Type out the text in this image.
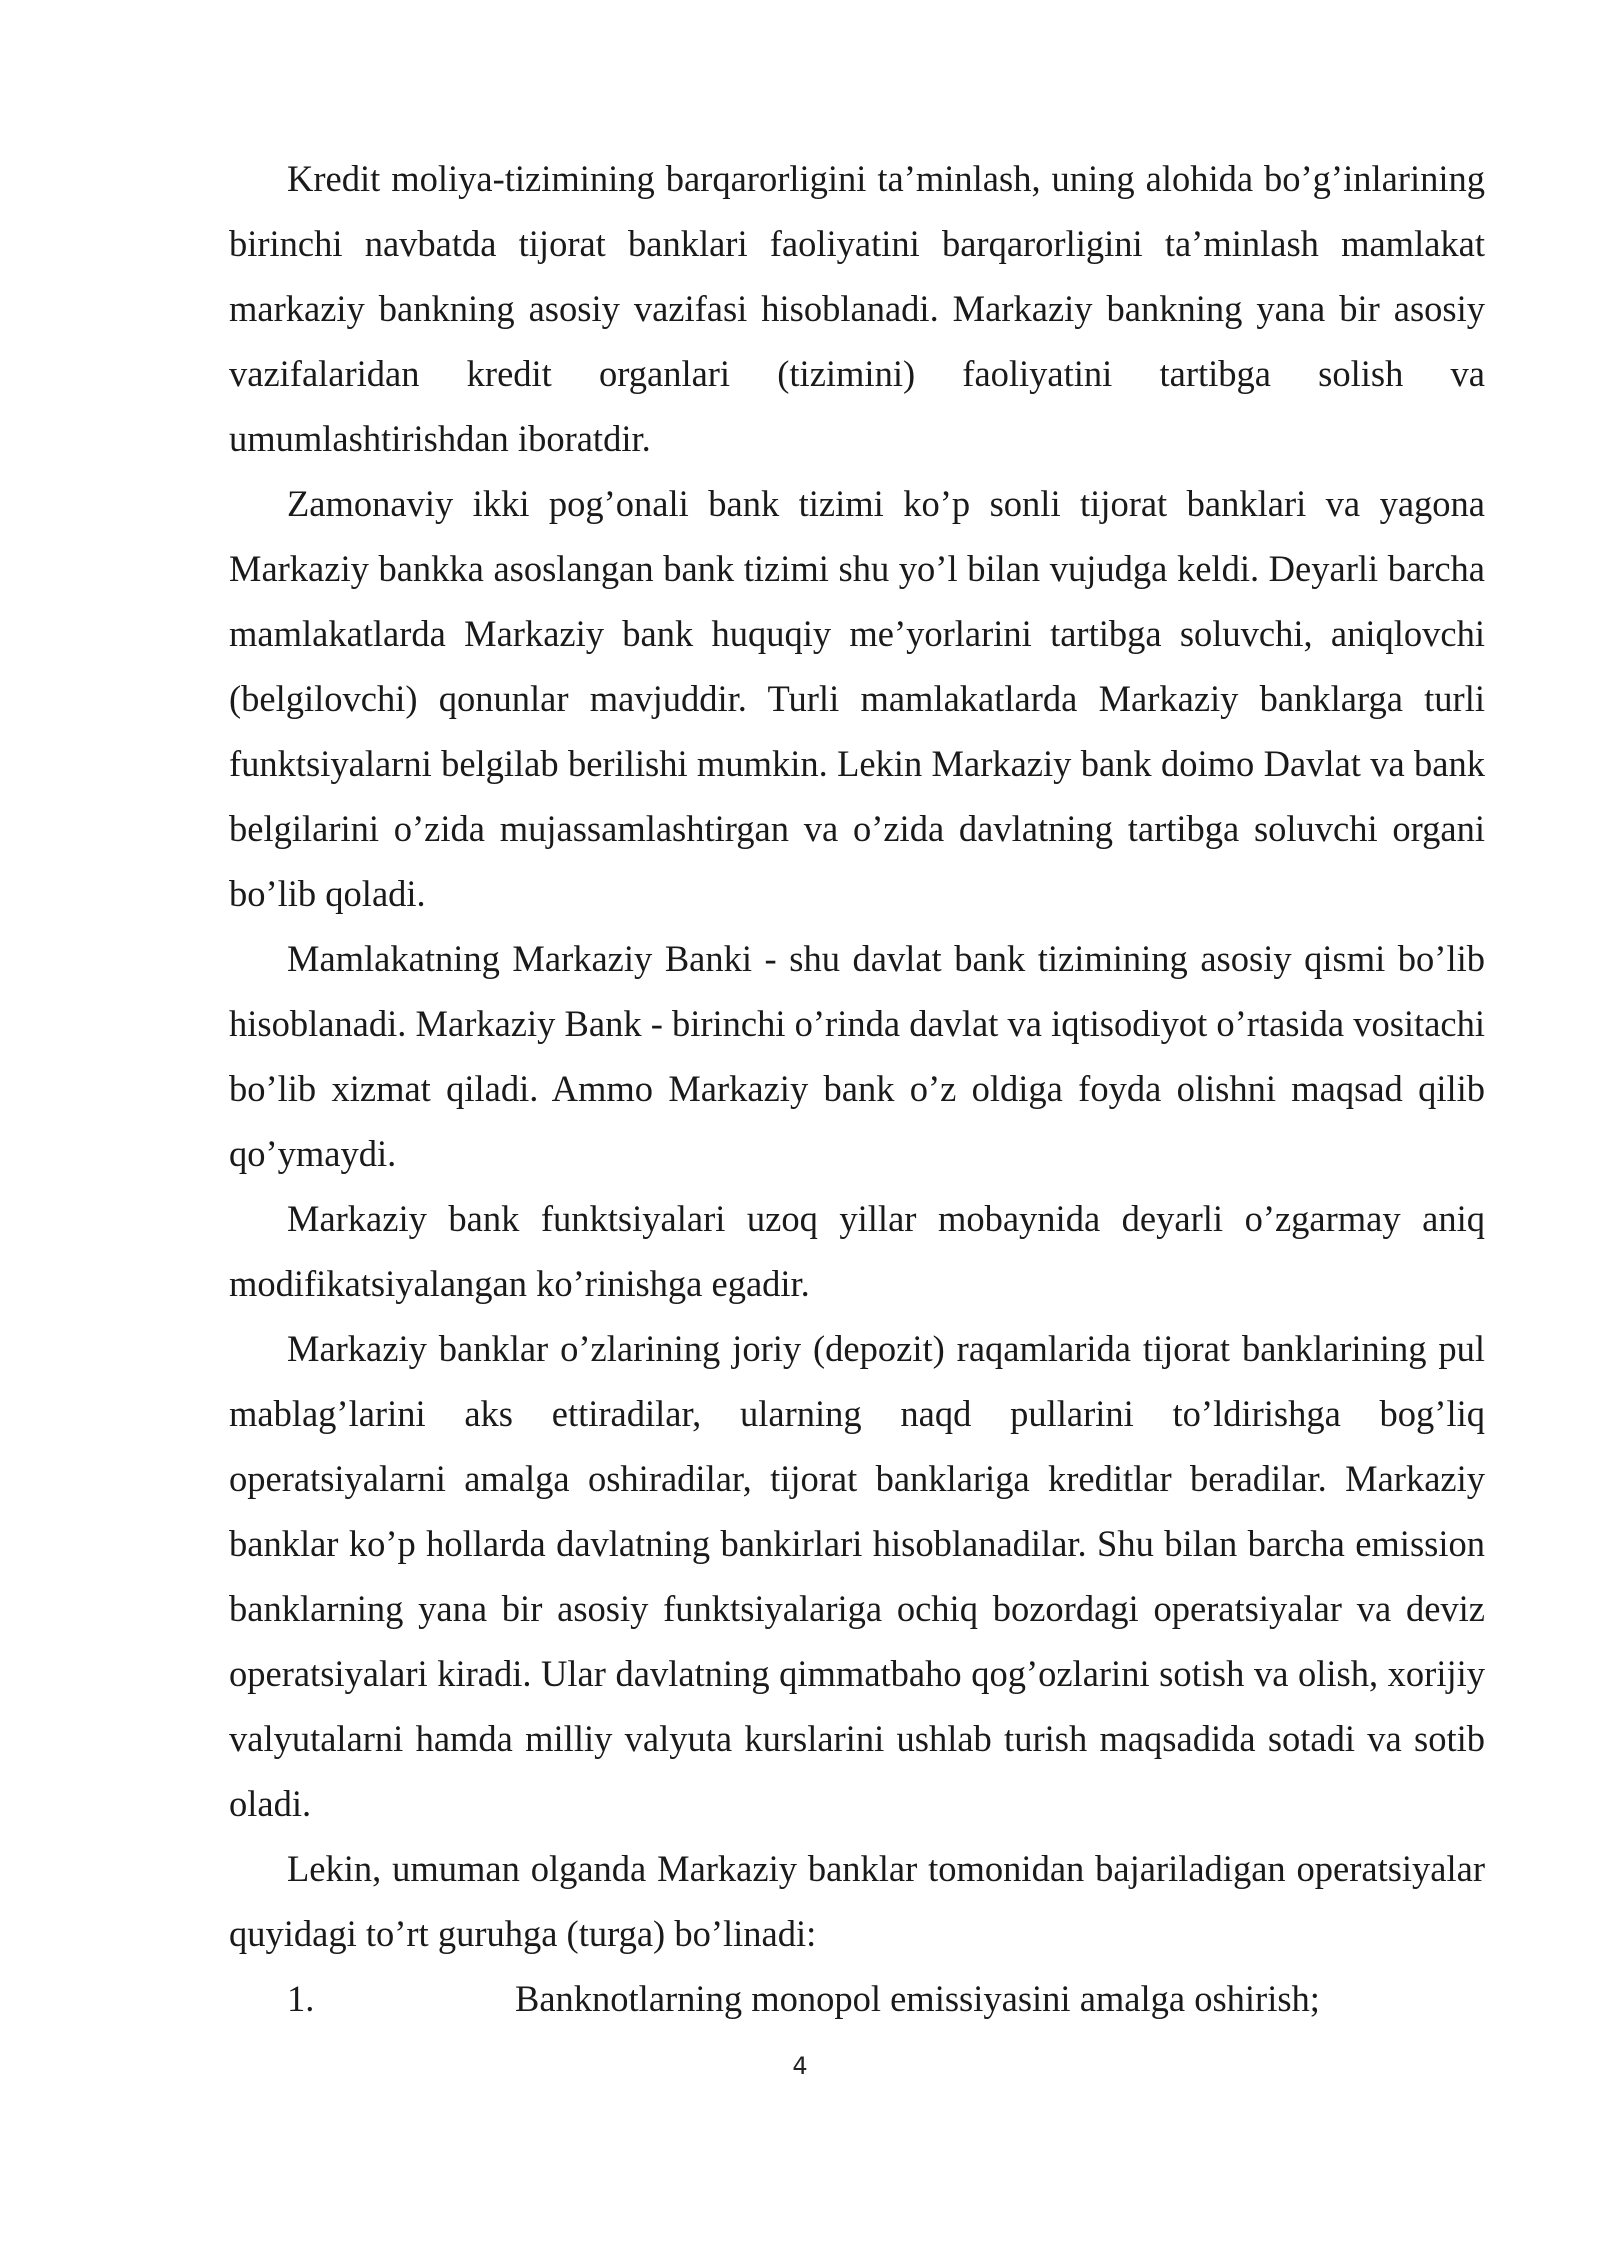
Kredit moliya-tizimining barqarorligini ta’minlash, uning alohida bo’g’inlarining birinchi navbatda tijorat banklari faoliyatini barqarorligini ta’minlash mamlakat markaziy bankning asosiy vazifasi hisoblanadi. Markaziy bankning yana bir asosiy vazifalaridan kredit organlari (tizimini) faoliyatini tartibga solish va umumlashtirishdan iboratdir.

Zamonaviy ikki pog’onali bank tizimi ko’p sonli tijorat banklari va yagona Markaziy bankka asoslangan bank tizimi shu yo’l bilan vujudga keldi. Deyarli barcha mamlakatlarda Markaziy bank huquqiy me’yorlarini tartibga soluvchi, aniqlovchi (belgilovchi) qonunlar mavjuddir. Turli mamlakatlarda Markaziy banklarga turli funktsiyalarni belgilab berilishi mumkin. Lekin Markaziy bank doimo Davlat va bank belgilarini o’zida mujassamlashtirgan va o’zida davlatning tartibga soluvchi organi bo’lib qoladi.

Mamlakatning Markaziy Banki - shu davlat bank tizimining asosiy qismi bo’lib hisoblanadi. Markaziy Bank - birinchi o’rinda davlat va iqtisodiyot o’rtasida vositachi bo’lib xizmat qiladi. Ammo Markaziy bank o’z oldiga foyda olishni maqsad qilib qo’ymaydi.

Markaziy bank funktsiyalari uzoq yillar mobaynida deyarli o’zgarmay aniq modifikatsiyalangan ko’rinishga egadir.

Markaziy banklar o’zlarining joriy (depozit) raqamlarida tijorat banklarining pul mablag’larini aks ettiradilar, ularning naqd pullarini to’ldirishga bog’liq operatsiyalarni amalga oshiradilar, tijorat banklariga kreditlar beradilar. Markaziy banklar ko’p hollarda davlatning bankirlari hisoblanadilar. Shu bilan barcha emission banklarning yana bir asosiy funktsiyalariga ochiq bozordagi operatsiyalar va deviz operatsiyalari kiradi. Ular davlatning qimmatbaho qog’ozlarini sotish va olish, xorijiy valyutalarni hamda milliy valyuta kurslarini ushlab turish maqsadida sotadi va sotib oladi.

Lekin, umuman olganda Markaziy banklar tomonidan bajariladigan operatsiyalar quyidagi to’rt guruhga (turga) bo’linadi:

1.	Banknotlarning monopol emissiyasini amalga oshirish;
4
